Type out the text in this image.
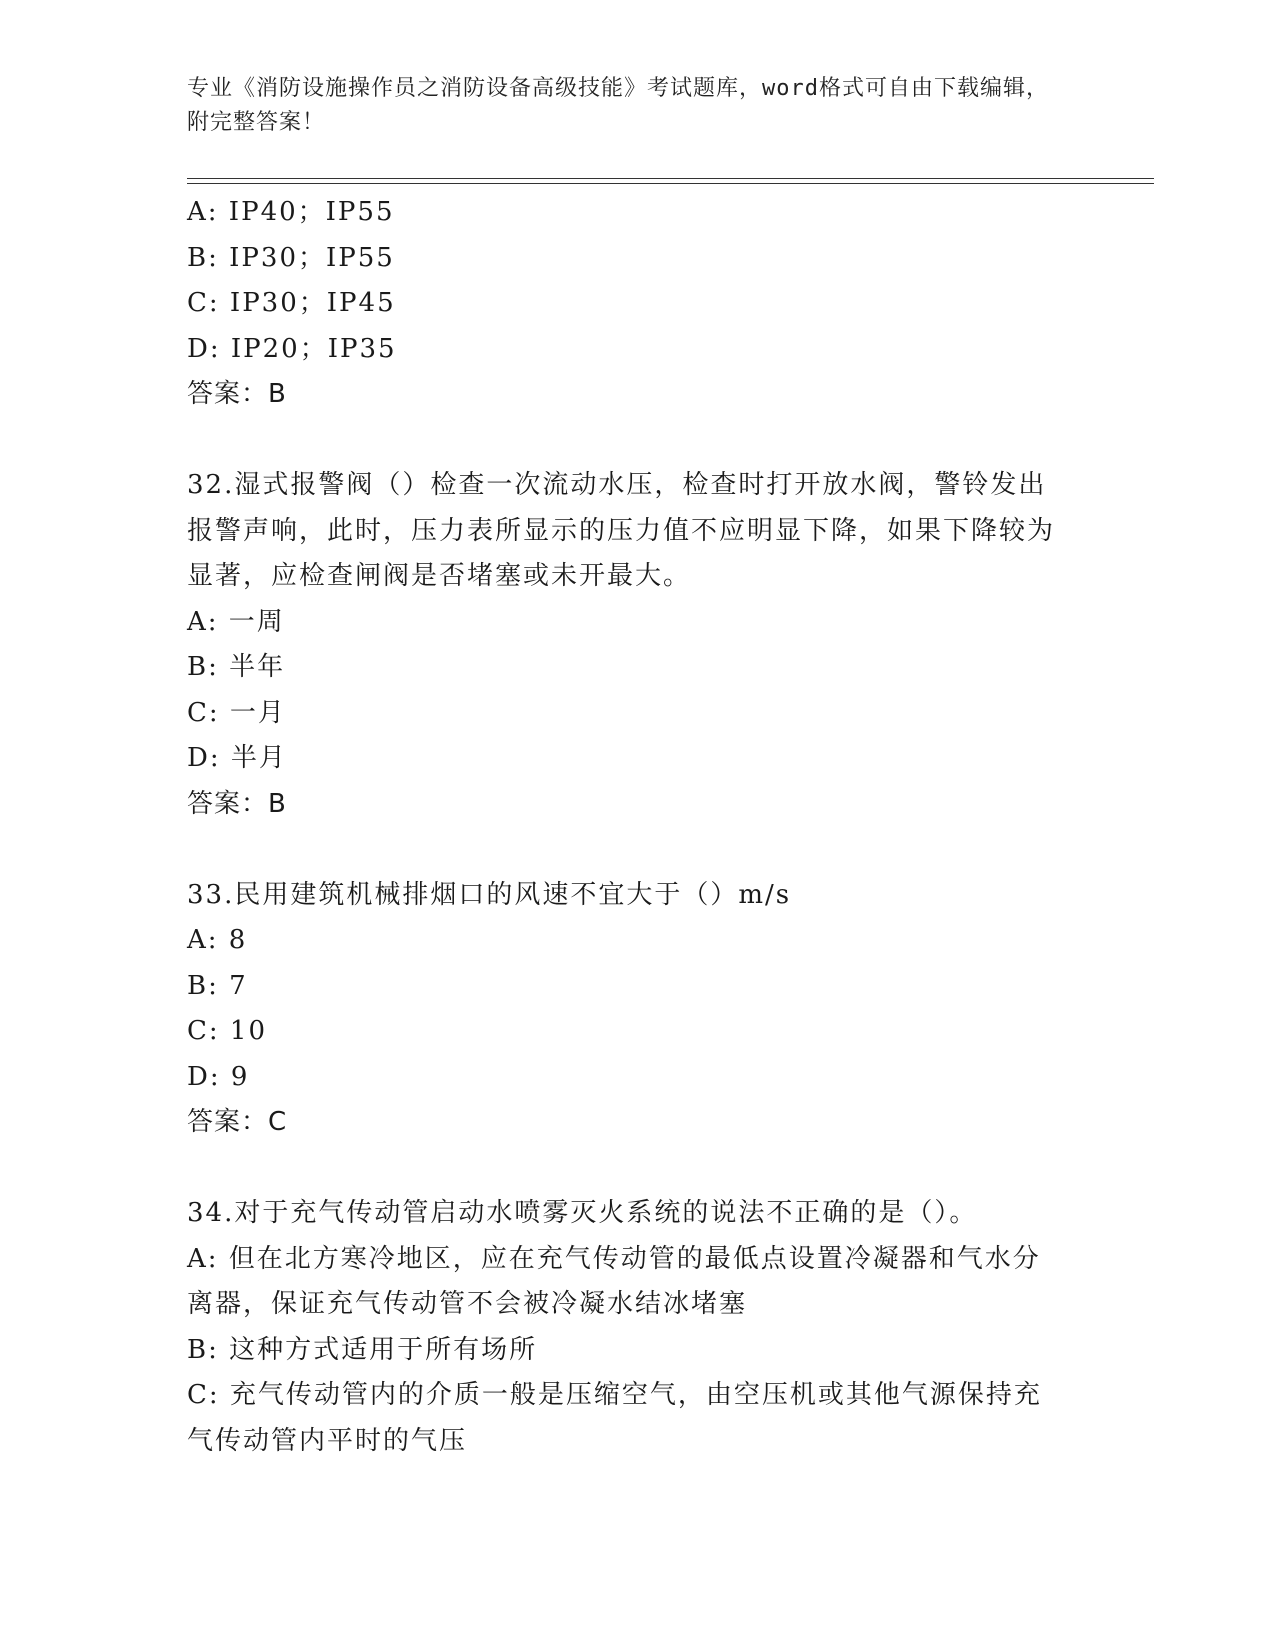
专业《消防设施操作员之消防设备高级技能》考试题库，word格式可自由下载编辑，附完整答案！
A: IP40；IP55
B: IP30；IP55
C: IP30；IP45
D: IP20；IP35
答案：B
32.湿式报警阀（）检查一次流动水压，检查时打开放水阀，警铃发出报警声响，此时，压力表所显示的压力值不应明显下降，如果下降较为显著，应检查闸阀是否堵塞或未开最大。
A: 一周
B: 半年
C: 一月
D: 半月
答案：B
33.民用建筑机械排烟口的风速不宜大于（）m/s
A: 8
B: 7
C: 10
D: 9
答案：C
34.对于充气传动管启动水喷雾灭火系统的说法不正确的是（）。
A: 但在北方寒冷地区，应在充气传动管的最低点设置冷凝器和气水分离器，保证充气传动管不会被冷凝水结冰堵塞
B: 这种方式适用于所有场所
C: 充气传动管内的介质一般是压缩空气，由空压机或其他气源保持充气传动管内平时的气压
